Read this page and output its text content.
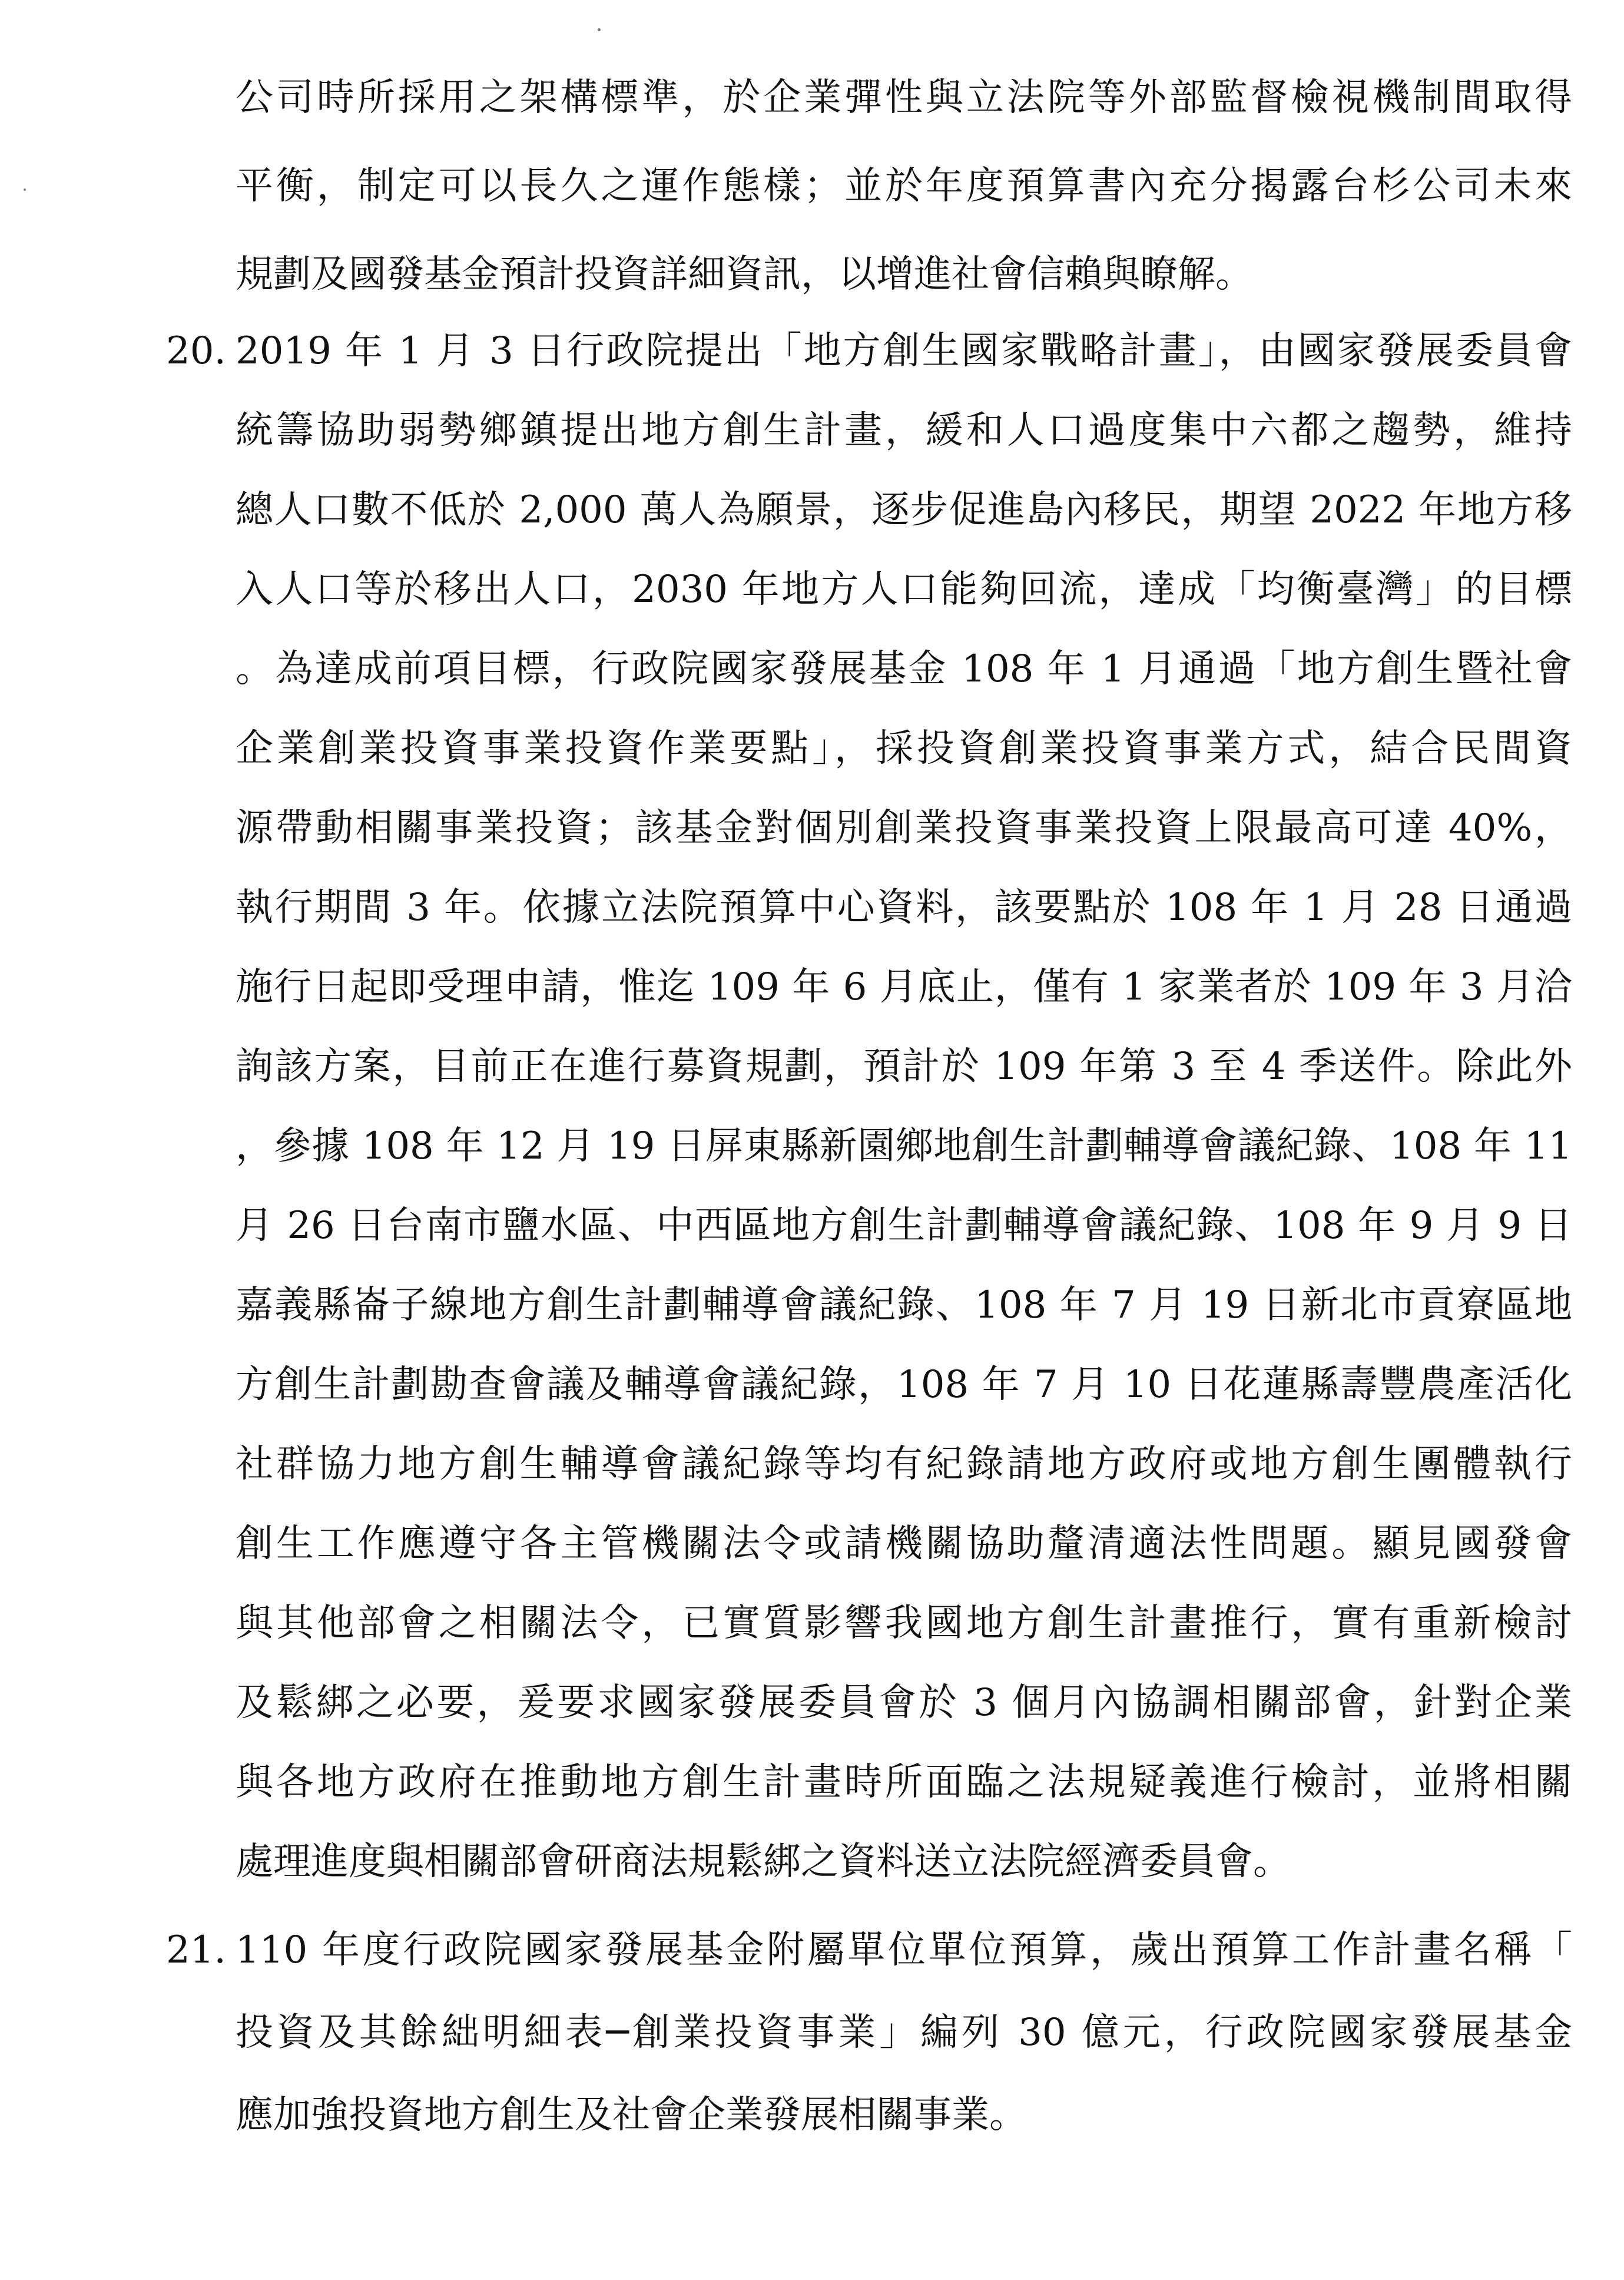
公司時所採用之架構標準，於企業彈性與立法院等外部監督檢視機制間取得
平衡，制定可以長久之運作態樣；並於年度預算書內充分揭露台杉公司未來
規劃及國發基金預計投資詳細資訊，以增進社會信賴與瞭解。
20. 2019 年 1 月 3 日行政院提出「地方創生國家戰略計畫」，由國家發展委員會
統籌協助弱勢鄉鎮提出地方創生計畫，緩和人口過度集中六都之趨勢，維持
總人口數不低於 2,000 萬人為願景，逐步促進島內移民，期望 2022 年地方移
入人口等於移出人口，2030 年地方人口能夠回流，達成「均衡臺灣」的目標
。為達成前項目標，行政院國家發展基金 108 年 1 月通過「地方創生暨社會
企業創業投資事業投資作業要點」，採投資創業投資事業方式，結合民間資
源帶動相關事業投資；該基金對個別創業投資事業投資上限最高可達 40%，
執行期間 3 年。依據立法院預算中心資料，該要點於 108 年 1 月 28 日通過
施行日起即受理申請，惟迄 109 年 6 月底止，僅有 1 家業者於 109 年 3 月洽
詢該方案，目前正在進行募資規劃，預計於 109 年第 3 至 4 季送件。除此外
，參據 108 年 12 月 19 日屏東縣新園鄉地創生計劃輔導會議紀錄、108 年 11
月 26 日台南市鹽水區、中西區地方創生計劃輔導會議紀錄、108 年 9 月 9 日
嘉義縣崙子線地方創生計劃輔導會議紀錄、108 年 7 月 19 日新北市貢寮區地
方創生計劃勘查會議及輔導會議紀錄，108 年 7 月 10 日花蓮縣壽豐農產活化
社群協力地方創生輔導會議紀錄等均有紀錄請地方政府或地方創生團體執行
創生工作應遵守各主管機關法令或請機關協助釐清適法性問題。顯見國發會
與其他部會之相關法令，已實質影響我國地方創生計畫推行，實有重新檢討
及鬆綁之必要，爰要求國家發展委員會於 3 個月內協調相關部會，針對企業
與各地方政府在推動地方創生計畫時所面臨之法規疑義進行檢討，並將相關
處理進度與相關部會研商法規鬆綁之資料送立法院經濟委員會。
21. 110 年度行政院國家發展基金附屬單位單位預算，歲出預算工作計畫名稱「
投資及其餘絀明細表─創業投資事業」編列 30 億元，行政院國家發展基金
應加強投資地方創生及社會企業發展相關事業。
